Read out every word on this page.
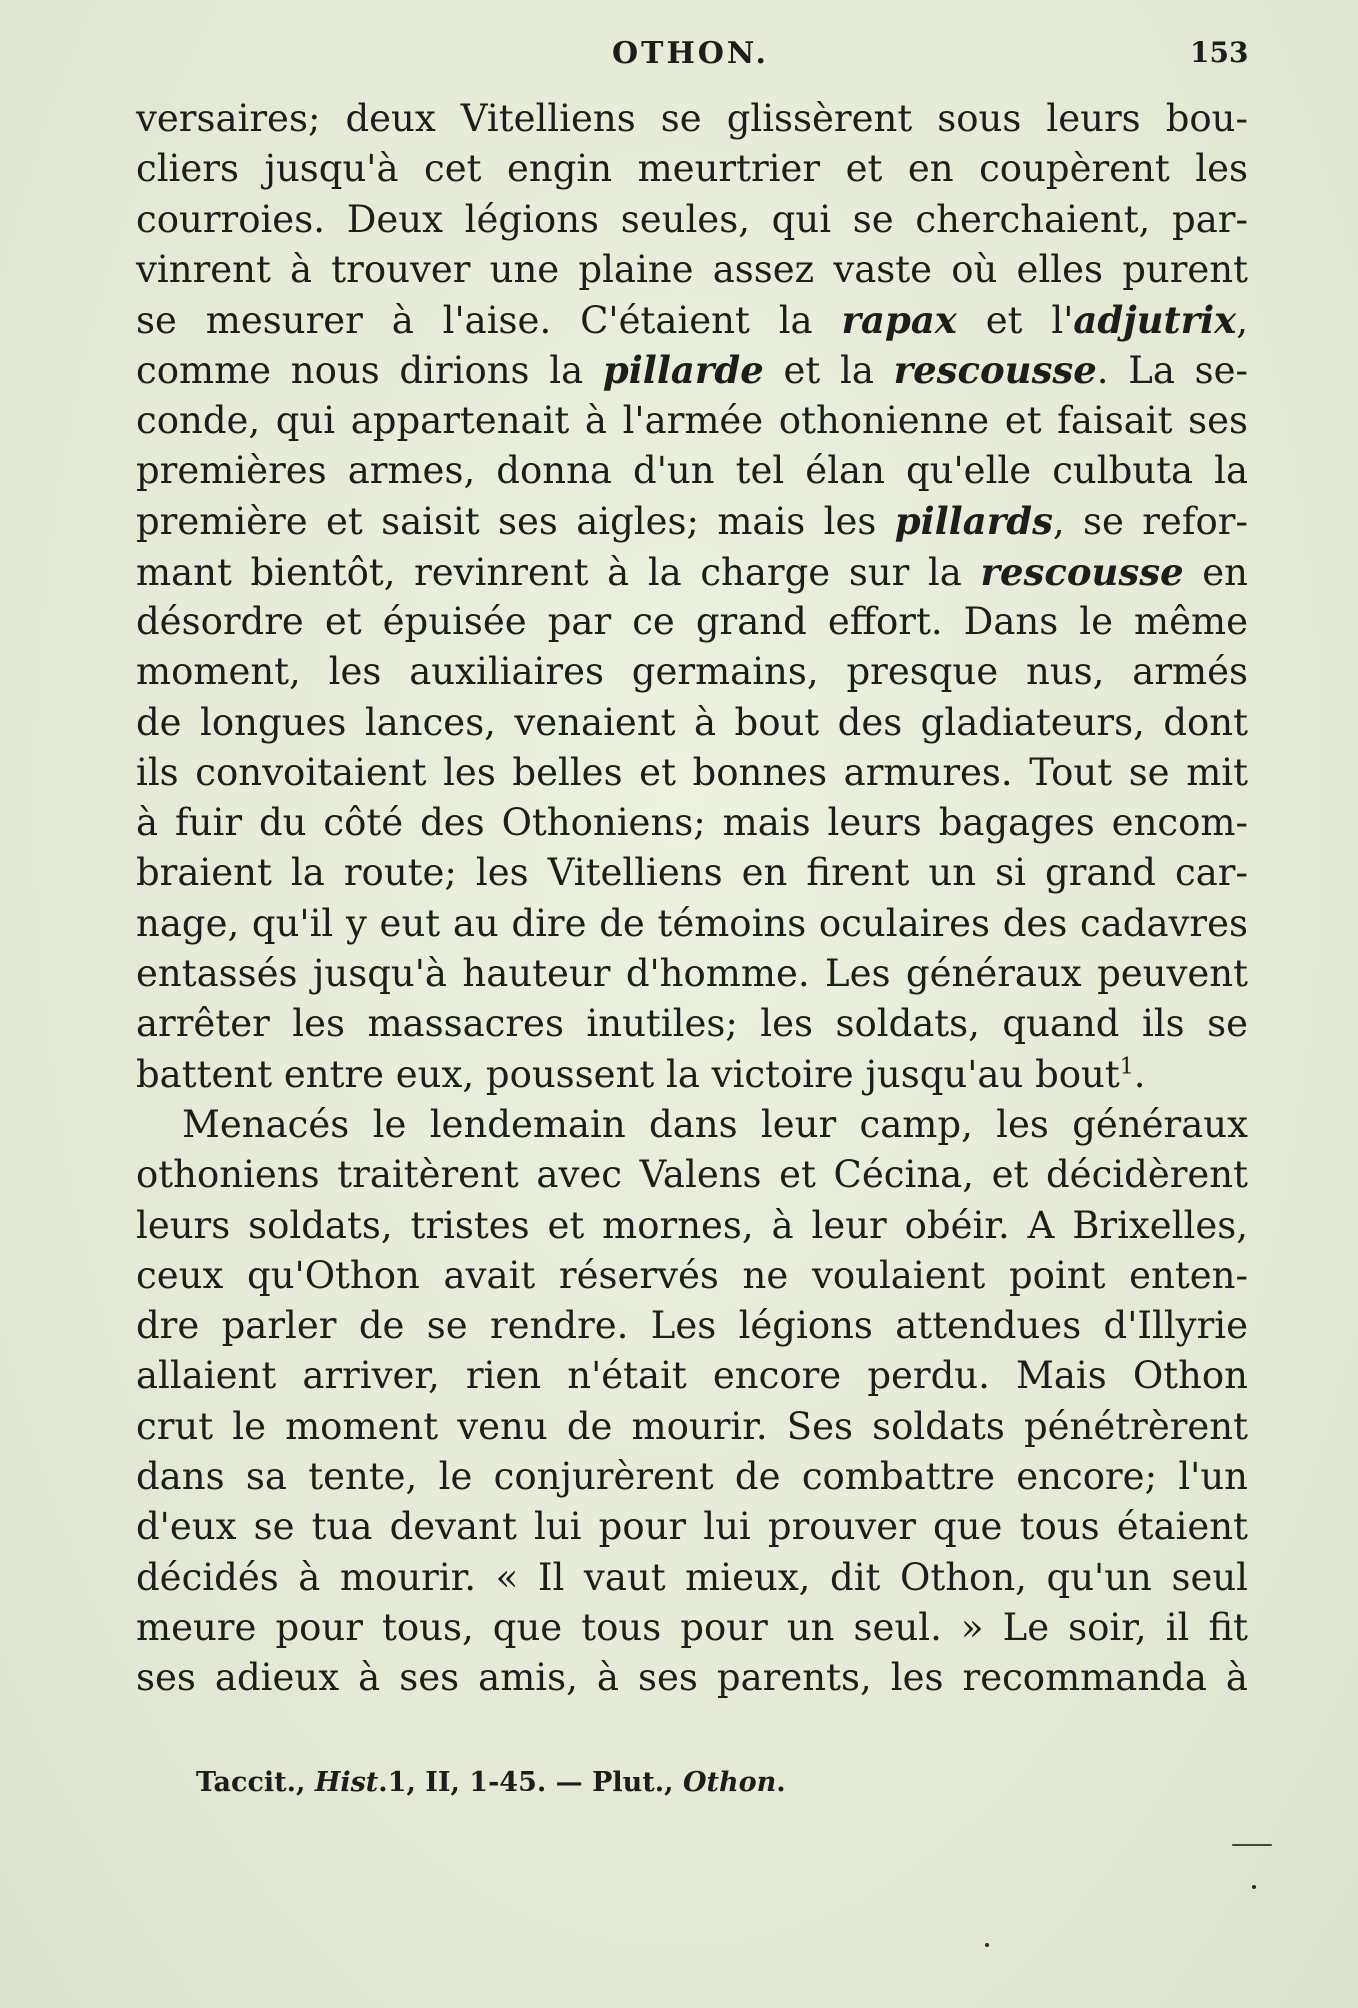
OTHON.	153
versaires; deux Vitelliens se glissèrent sous leurs bou-
cliers jusqu'à cet engin meurtrier et en coupèrent les
courroies. Deux légions seules, qui se cherchaient, par-
vinrent à trouver une plaine assez vaste où elles purent
se mesurer à l'aise. C'étaient la rapax et l'adjutrix,
comme nous dirions la pillarde et la rescousse. La se-
conde, qui appartenait à l'armée othonienne et faisait ses
premières armes, donna d'un tel élan qu'elle culbuta la
première et saisit ses aigles; mais les pillards, se refor-
mant bientôt, revinrent à la charge sur la rescousse en
désordre et épuisée par ce grand effort. Dans le même
moment, les auxiliaires germains, presque nus, armés
de longues lances, venaient à bout des gladiateurs, dont
ils convoitaient les belles et bonnes armures. Tout se mit
à fuir du côté des Othoniens; mais leurs bagages encom-
braient la route; les Vitelliens en firent un si grand car-
nage, qu'il y eut au dire de témoins oculaires des cadavres
entassés jusqu'à hauteur d'homme. Les généraux peuvent
arrêter les massacres inutiles; les soldats, quand ils se
battent entre eux, poussent la victoire jusqu'au bout$^1$.
Menacés le lendemain dans leur camp, les généraux
othoniens traitèrent avec Valens et Cécina, et décidèrent
leurs soldats, tristes et mornes, à leur obéir. A Brixelles,
ceux qu'Othon avait réservés ne voulaient point enten-
dre parler de se rendre. Les légions attendues d'Illyrie
allaient arriver, rien n'était encore perdu. Mais Othon
crut le moment venu de mourir. Ses soldats pénétrèrent
dans sa tente, le conjurèrent de combattre encore; l'un
d'eux se tua devant lui pour lui prouver que tous étaient
décidés à mourir. « Il vaut mieux, dit Othon, qu'un seul
meure pour tous, que tous pour un seul. » Le soir, il fit
ses adieux à ses amis, à ses parents, les recommanda à
Taccit., Hist.1, II, 1-45. — Plut., Othon.
